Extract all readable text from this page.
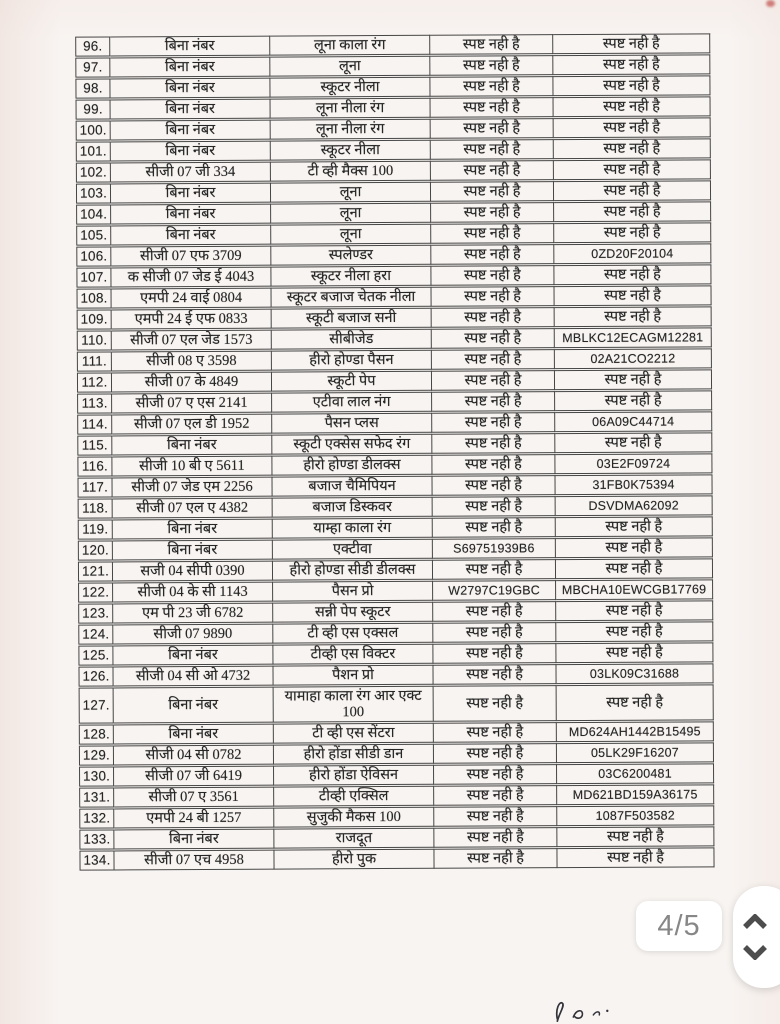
96.	बिना नंबर	लूना काला रंग	स्पष्ट नही है	स्पष्ट नही है
97.	बिना नंबर	लूना	स्पष्ट नही है	स्पष्ट नही है
98.	बिना नंबर	स्कूटर नीला	स्पष्ट नही है	स्पष्ट नही है
99.	बिना नंबर	लूना नीला रंग	स्पष्ट नही है	स्पष्ट नही है
100.	बिना नंबर	लूना नीला रंग	स्पष्ट नही है	स्पष्ट नही है
101.	बिना नंबर	स्कूटर नीला	स्पष्ट नही है	स्पष्ट नही है
102.	सीजी 07 जी 334	टी व्ही मैक्स 100	स्पष्ट नही है	स्पष्ट नही है
103.	बिना नंबर	लूना	स्पष्ट नही है	स्पष्ट नही है
104.	बिना नंबर	लूना	स्पष्ट नही है	स्पष्ट नही है
105.	बिना नंबर	लूना	स्पष्ट नही है	स्पष्ट नही है
106.	सीजी 07 एफ 3709	स्पलेण्डर	स्पष्ट नही है	0ZD20F20104
107.	क सीजी 07 जेड ई 4043	स्कूटर नीला हरा	स्पष्ट नही है	स्पष्ट नही है
108.	एमपी 24 वाई 0804	स्कूटर बजाज चेतक नीला	स्पष्ट नही है	स्पष्ट नही है
109.	एमपी 24 ई एफ 0833	स्कूटी बजाज सनी	स्पष्ट नही है	स्पष्ट नही है
110.	सीजी 07 एल जेड 1573	सीबीजेड	स्पष्ट नही है	MBLKC12ECAGM12281
111.	सीजी 08 ए 3598	हीरो होण्डा पैसन	स्पष्ट नही है	02A21CO2212
112.	सीजी 07 के 4849	स्कूटी पेप	स्पष्ट नही है	स्पष्ट नही है
113.	सीजी 07 ए एस 2141	एटीवा लाल नंग	स्पष्ट नही है	स्पष्ट नही है
114.	सीजी 07 एल डी 1952	पैसन प्लस	स्पष्ट नही है	06A09C44714
115.	बिना नंबर	स्कूटी एक्सेस सफेद रंग	स्पष्ट नही है	स्पष्ट नही है
116.	सीजी 10 बी ए 5611	हीरो होण्डा डीलक्स	स्पष्ट नही है	03E2F09724
117.	सीजी 07 जेड एम 2256	बजाज चैमिपियन	स्पष्ट नही है	31FB0K75394
118.	सीजी 07 एल ए 4382	बजाज डिस्कवर	स्पष्ट नही है	DSVDMA62092
119.	बिना नंबर	याम्हा काला रंग	स्पष्ट नही है	स्पष्ट नही है
120.	बिना नंबर	एक्टीवा	S69751939B6	स्पष्ट नही है
121.	सजी 04 सीपी 0390	हीरो होण्डा सीडी डीलक्स	स्पष्ट नही है	स्पष्ट नही है
122.	सीजी 04 के सी 1143	पैसन प्रो	W2797C19GBC	MBCHA10EWCGB17769
123.	एम पी 23 जी 6782	सन्नी पेप स्कूटर	स्पष्ट नही है	स्पष्ट नही है
124.	सीजी 07 9890	टी व्ही एस एक्सल	स्पष्ट नही है	स्पष्ट नही है
125.	बिना नंबर	टीव्ही एस विक्टर	स्पष्ट नही है	स्पष्ट नही है
126.	सीजी 04 सी ओ 4732	पैशन प्रो	स्पष्ट नही है	03LK09C31688
127.	बिना नंबर	यामाहा काला रंग आर एक्ट 100	स्पष्ट नही है	स्पष्ट नही है
128.	बिना नंबर	टी व्ही एस सेंटरा	स्पष्ट नही है	MD624AH1442B15495
129.	सीजी 04 सी 0782	हीरो होंडा सीडी डान	स्पष्ट नही है	05LK29F16207
130.	सीजी 07 जी 6419	हीरो होंडा ऐविसन	स्पष्ट नही है	03C6200481
131.	सीजी 07 ए 3561	टीव्ही एक्सिल	स्पष्ट नही है	MD621BD159A36175
132.	एमपी 24 बी 1257	सुजुकी मैकस 100	स्पष्ट नही है	1087F503582
133.	बिना नंबर	राजदूत	स्पष्ट नही है	स्पष्ट नही है
134.	सीजी 07 एच 4958	हीरो पुक	स्पष्ट नही है	स्पष्ट नही है
4/5
